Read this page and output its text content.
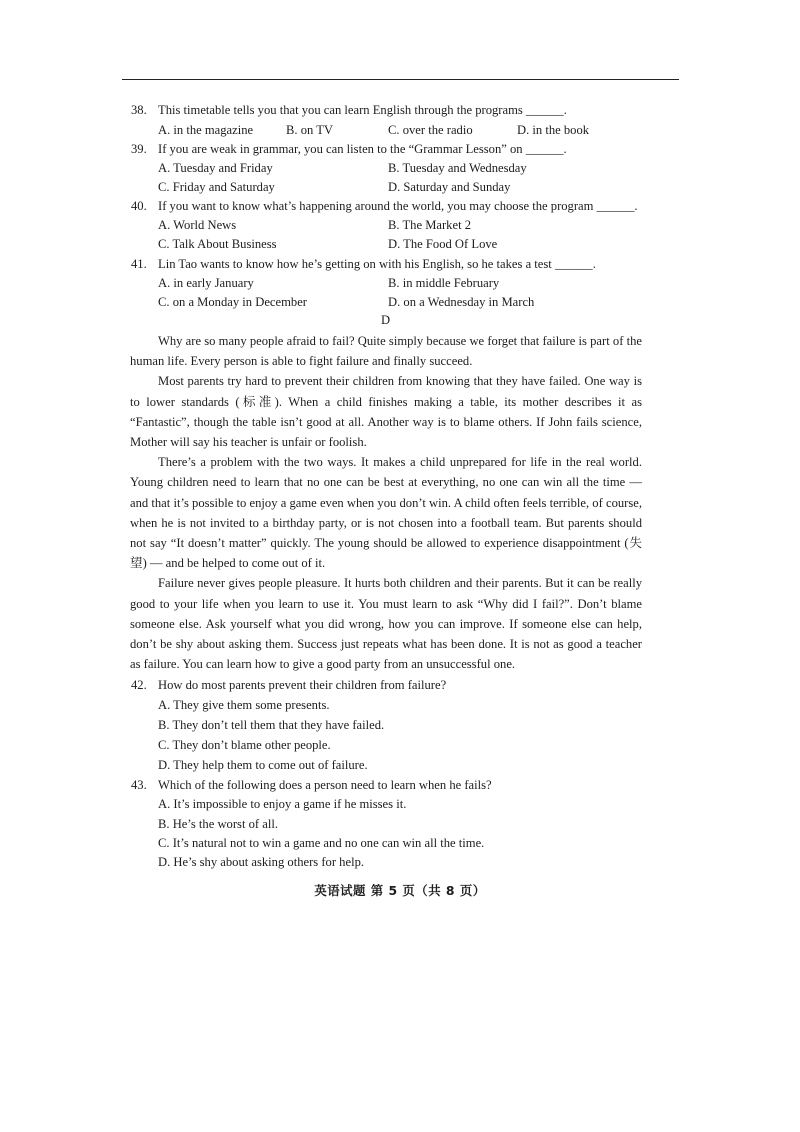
38. This timetable tells you that you can learn English through the programs ______.
A. in the magazine	B. on TV	C. over the radio	D. in the book
39. If you are weak in grammar, you can listen to the “Grammar Lesson” on ______.
A. Tuesday and Friday	B. Tuesday and Wednesday
C. Friday and Saturday	D. Saturday and Sunday
40. If you want to know what’s happening around the world, you may choose the program ______.
A. World News	B. The Market 2
C. Talk About Business	D. The Food Of Love
41. Lin Tao wants to know how he’s getting on with his English, so he takes a test ______.
A. in early January	B. in middle February
C. on a Monday in December	D. on a Wednesday in March
D

Why are so many people afraid to fail? Quite simply because we forget that failure is part of the human life. Every person is able to fight failure and finally succeed.

Most parents try hard to prevent their children from knowing that they have failed. One way is to lower standards (标准). When a child finishes making a table, its mother describes it as “Fantastic”, though the table isn’t good at all. Another way is to blame others. If John fails science, Mother will say his teacher is unfair or foolish.

There’s a problem with the two ways. It makes a child unprepared for life in the real world. Young children need to learn that no one can be best at everything, no one can win all the time — and that it’s possible to enjoy a game even when you don’t win. A child often feels terrible, of course, when he is not invited to a birthday party, or is not chosen into a football team. But parents should not say “It doesn’t matter” quickly. The young should be allowed to experience disappointment (失望) — and be helped to come out of it.

Failure never gives people pleasure. It hurts both children and their parents. But it can be really good to your life when you learn to use it. You must learn to ask “Why did I fail?”. Don’t blame someone else. Ask yourself what you did wrong, how you can improve. If someone else can help, don’t be shy about asking them. Success just repeats what has been done. It is not as good a teacher as failure. You can learn how to give a good party from an unsuccessful one.

42. How do most parents prevent their children from failure?
A. They give them some presents.
B. They don’t tell them that they have failed.
C. They don’t blame other people.
D. They help them to come out of failure.
43. Which of the following does a person need to learn when he fails?
A. It’s impossible to enjoy a game if he misses it.
B. He’s the worst of all.
C. It’s natural not to win a game and no one can win all the time.
D. He’s shy about asking others for help.
英语试题 第 5 页（共 8 页）
